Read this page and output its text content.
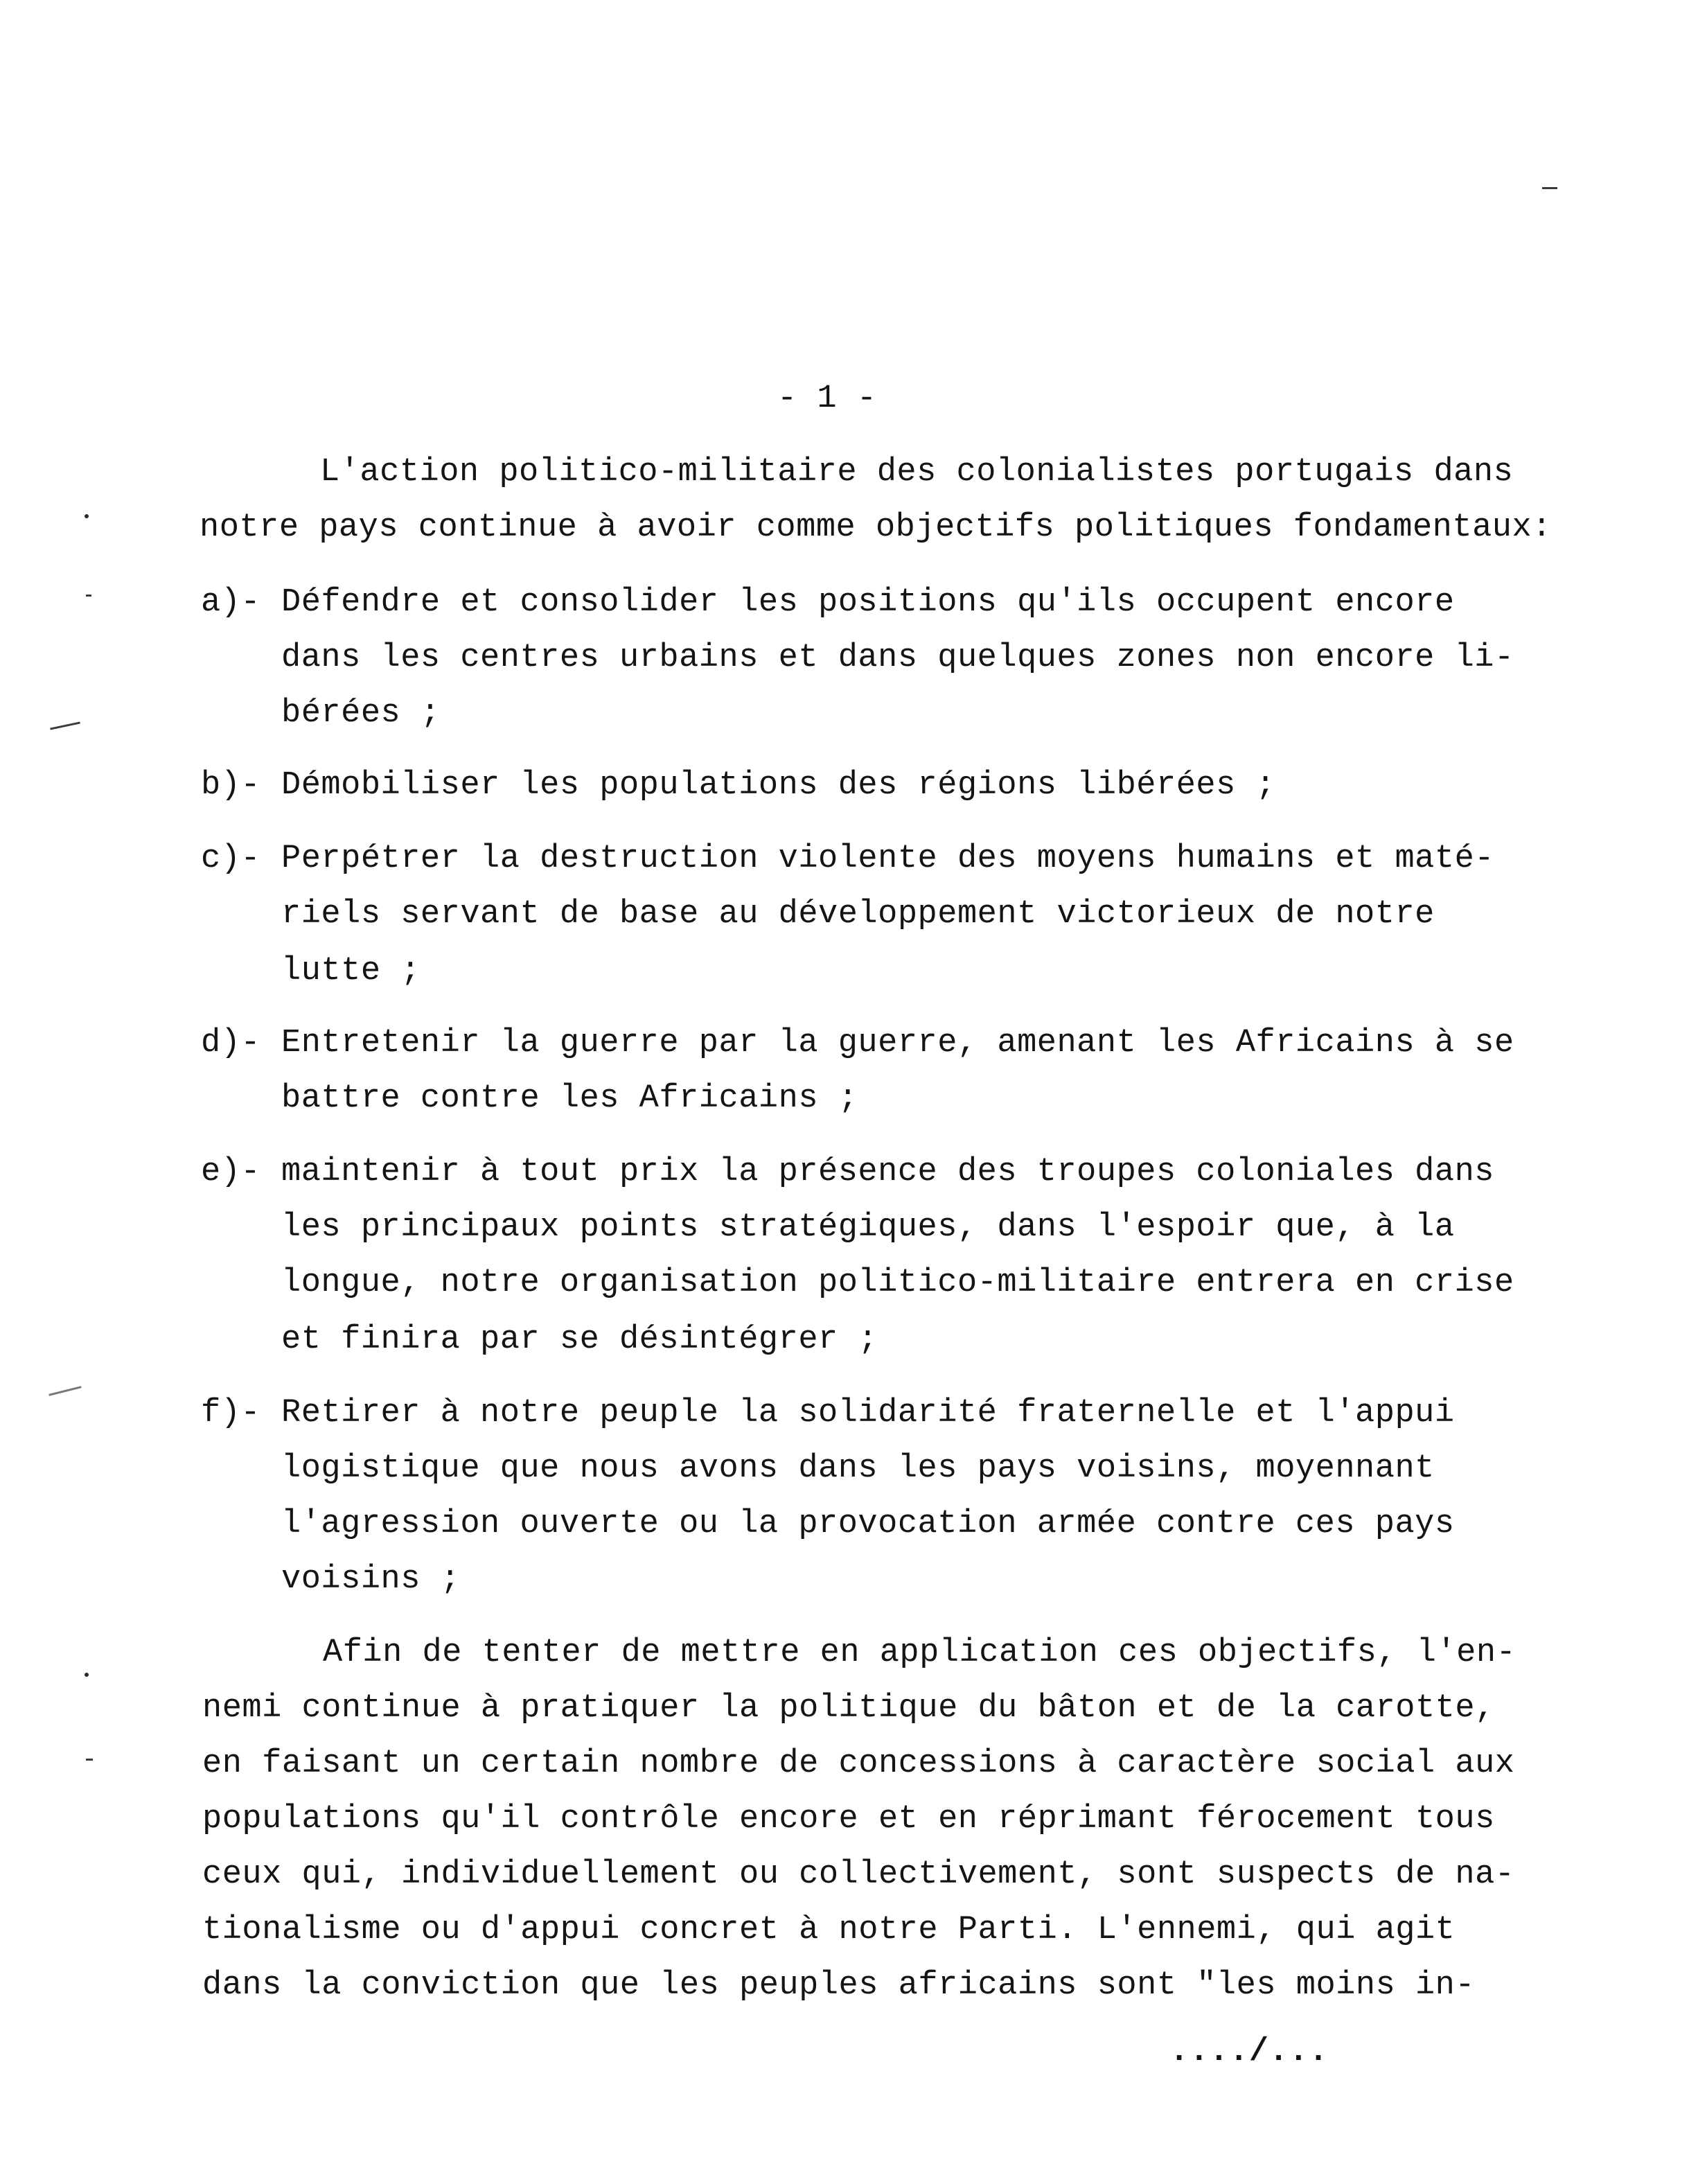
- 1 -
L'action politico-militaire des colonialistes portugais dans
notre pays continue à avoir comme objectifs politiques fondamentaux:
a)- Défendre et consolider les positions qu'ils occupent encore
dans les centres urbains et dans quelques zones non encore li-
bérées ;
b)- Démobiliser les populations des régions libérées ;
c)- Perpétrer la destruction violente des moyens humains et maté-
riels servant de base au développement victorieux de notre
lutte ;
d)- Entretenir la guerre par la guerre, amenant les Africains à se
battre contre les Africains ;
e)- maintenir à tout prix la présence des troupes coloniales dans
les principaux points stratégiques, dans l'espoir que, à la
longue, notre organisation politico-militaire entrera en crise
et finira par se désintégrer ;
f)- Retirer à notre peuple la solidarité fraternelle et l'appui
logistique que nous avons dans les pays voisins, moyennant
l'agression ouverte ou la provocation armée contre ces pays
voisins ;
Afin de tenter de mettre en application ces objectifs, l'en-
nemi continue à pratiquer la politique du bâton et de la carotte,
en faisant un certain nombre de concessions à caractère social aux
populations qu'il contrôle encore et en réprimant férocement tous
ceux qui, individuellement ou collectivement, sont suspects de na-
tionalisme ou d'appui concret à notre Parti. L'ennemi, qui agit
dans la conviction que les peuples africains sont "les moins in-
..../...
